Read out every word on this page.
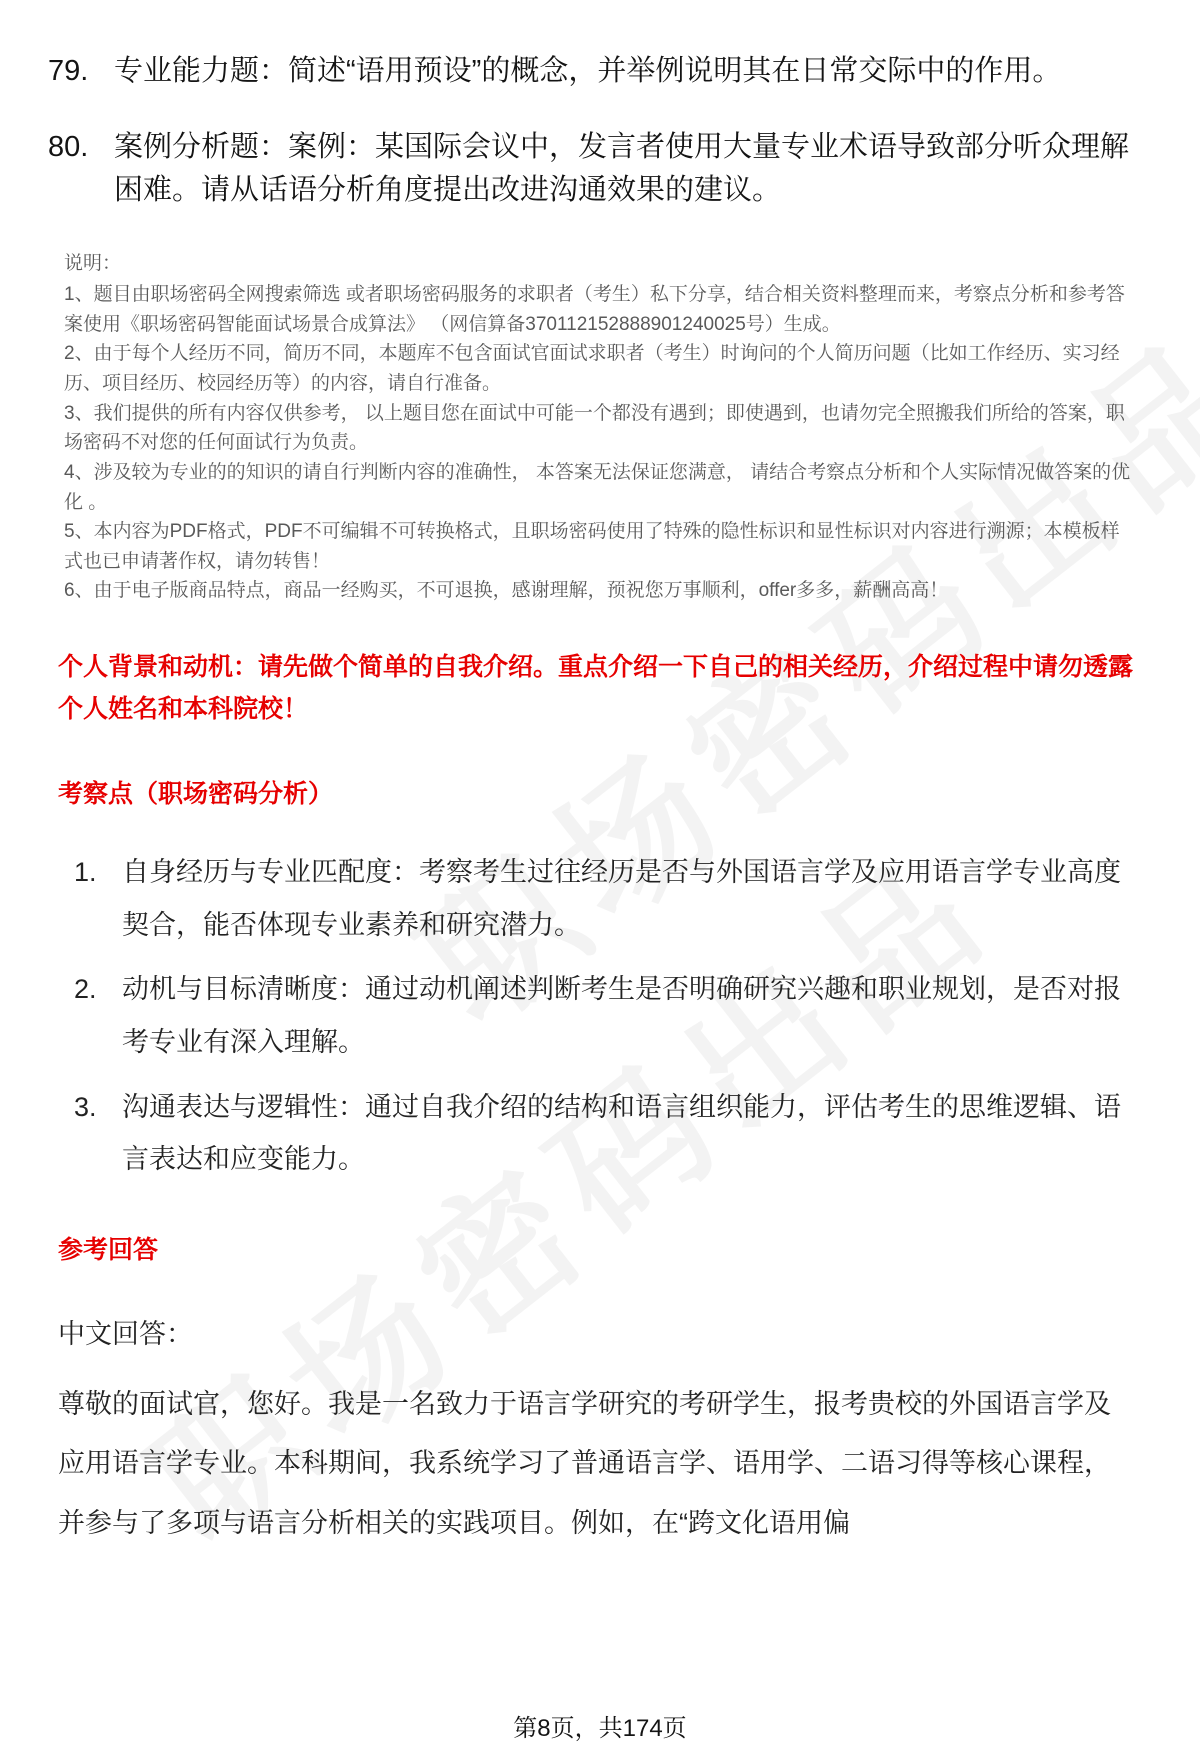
79. 专业能力题：简述“语用预设”的概念，并举例说明其在日常交际中的作用。
80. 案例分析题：案例：某国际会议中，发言者使用大量专业术语导致部分听众理解困难。请从话语分析角度提出改进沟通效果的建议。
说明：
1、题目由职场密码全网搜索筛选 或者职场密码服务的求职者（考生）私下分享，结合相关资料整理而来，考察点分析和参考答案使用《职场密码智能面试场景合成算法》 （网信算备370112152888901240025号）生成。
2、由于每个人经历不同，简历不同，本题库不包含面试官面试求职者（考生）时询问的个人简历问题（比如工作经历、实习经历、项目经历、校园经历等）的内容，请自行准备。
3、我们提供的所有内容仅供参考， 以上题目您在面试中可能一个都没有遇到；即使遇到，也请勿完全照搬我们所给的答案，职场密码不对您的任何面试行为负责。
4、涉及较为专业的的知识的请自行判断内容的准确性， 本答案无法保证您满意， 请结合考察点分析和个人实际情况做答案的优化 。
5、本内容为PDF格式，PDF不可编辑不可转换格式，且职场密码使用了特殊的隐性标识和显性标识对内容进行溯源；本模板样式也已申请著作权，请勿转售！
6、由于电子版商品特点，商品一经购买，不可退换，感谢理解，预祝您万事顺利，offer多多，薪酬高高！
个人背景和动机：请先做个简单的自我介绍。重点介绍一下自己的相关经历，介绍过程中请勿透露个人姓名和本科院校！
考察点（职场密码分析）
1. 自身经历与专业匹配度：考察考生过往经历是否与外国语言学及应用语言学专业高度契合，能否体现专业素养和研究潜力。
2. 动机与目标清晰度：通过动机阐述判断考生是否明确研究兴趣和职业规划，是否对报考专业有深入理解。
3. 沟通表达与逻辑性：通过自我介绍的结构和语言组织能力，评估考生的思维逻辑、语言表达和应变能力。
参考回答
中文回答：
尊敬的面试官，您好。我是一名致力于语言学研究的考研学生，报考贵校的外国语言学及应用语言学专业。本科期间，我系统学习了普通语言学、语用学、二语习得等核心课程，并参与了多项与语言分析相关的实践项目。例如，在“跨文化语用偏
第8页，共174页
